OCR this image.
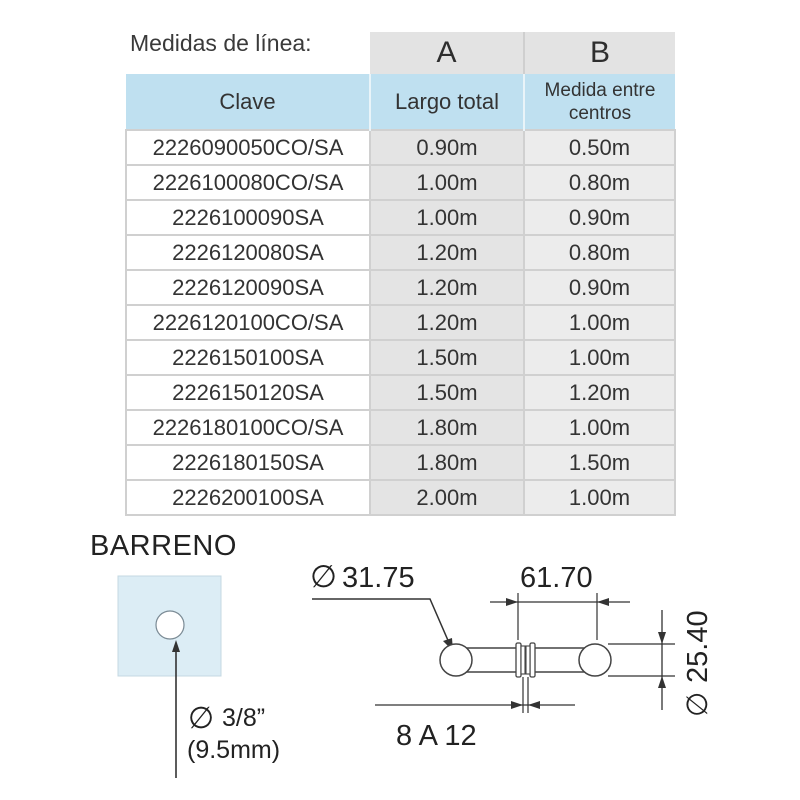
Medidas de línea:
		A	B
Clave	Largo total	Medida entre
centros
2226090050CO/SA	0.90m	0.50m
2226100080CO/SA	1.00m	0.80m
2226100090SA	1.00m	0.90m
2226120080SA	1.20m	0.80m
2226120090SA	1.20m	0.90m
2226120100CO/SA	1.20m	1.00m
2226150100SA	1.50m	1.00m
2226150120SA	1.50m	1.20m
2226180100CO/SA	1.80m	1.00m
2226180150SA	1.80m	1.50m
2226200100SA	2.00m	1.00m
BARRENO
∅ 3/8”
(9.5mm)
∅ 31.75	61.70
∅
25.40
8 A 12
